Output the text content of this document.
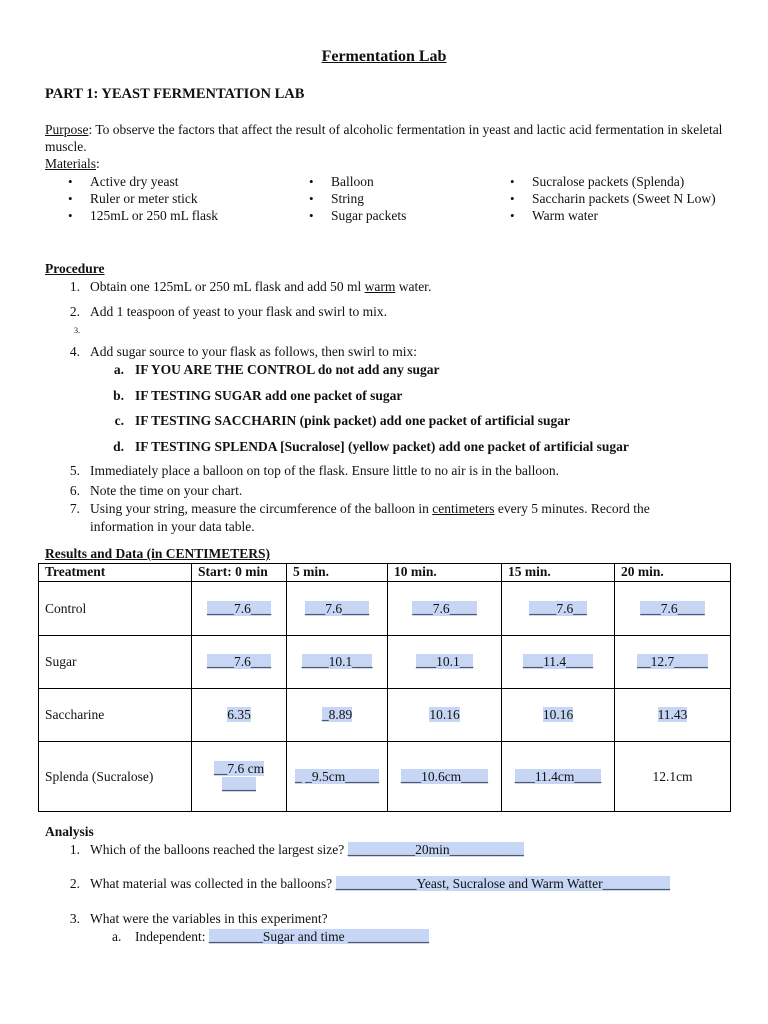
Fermentation Lab
PART 1: YEAST FERMENTATION LAB
Purpose: To observe the factors that affect the result of alcoholic fermentation in yeast and lactic acid fermentation in skeletal muscle.
Materials:
• Active dry yeast
• Ruler or meter stick
• 125mL or 250 mL flask
• Balloon
• String
• Sugar packets
• Sucralose packets (Splenda)
• Saccharin packets (Sweet N Low)
• Warm water
Procedure
1. Obtain one 125mL or 250 mL flask and add 50 ml warm water.
2. Add 1 teaspoon of yeast to your flask and swirl to mix.
3.
4. Add sugar source to your flask as follows, then swirl to mix:
a. IF YOU ARE THE CONTROL do not add any sugar
b. IF TESTING SUGAR add one packet of sugar
c. IF TESTING SACCHARIN (pink packet) add one packet of artificial sugar
d. IF TESTING SPLENDA [Sucralose] (yellow packet) add one packet of artificial sugar
5. Immediately place a balloon on top of the flask. Ensure little to no air is in the balloon.
6. Note the time on your chart.
7. Using your string, measure the circumference of the balloon in centimeters every 5 minutes. Record the
information in your data table.
Results and Data (in CENTIMETERS)
Treatment	Start: 0 min	5 min.	10 min.	15 min.	20 min.
Control	____7.6___	___7.6____	___7.6____	____7.6__	___7.6____
Sugar	____7.6___	____10.1___	___10.1__	___11.4____	__12.7_____
Saccharine	6.35	_8.89	10.16	10.16	11.43
Splenda (Sucralose)	__7.6 cm
_____	_ _9.5cm_____	___10.6cm____	___11.4cm____	12.1cm
Analysis
1. Which of the balloons reached the largest size? __________20min___________
2. What material was collected in the balloons? ____________Yeast, Sucralose and Warm Watter__________
3. What were the variables in this experiment?
a. Independent: ________Sugar and time ____________
